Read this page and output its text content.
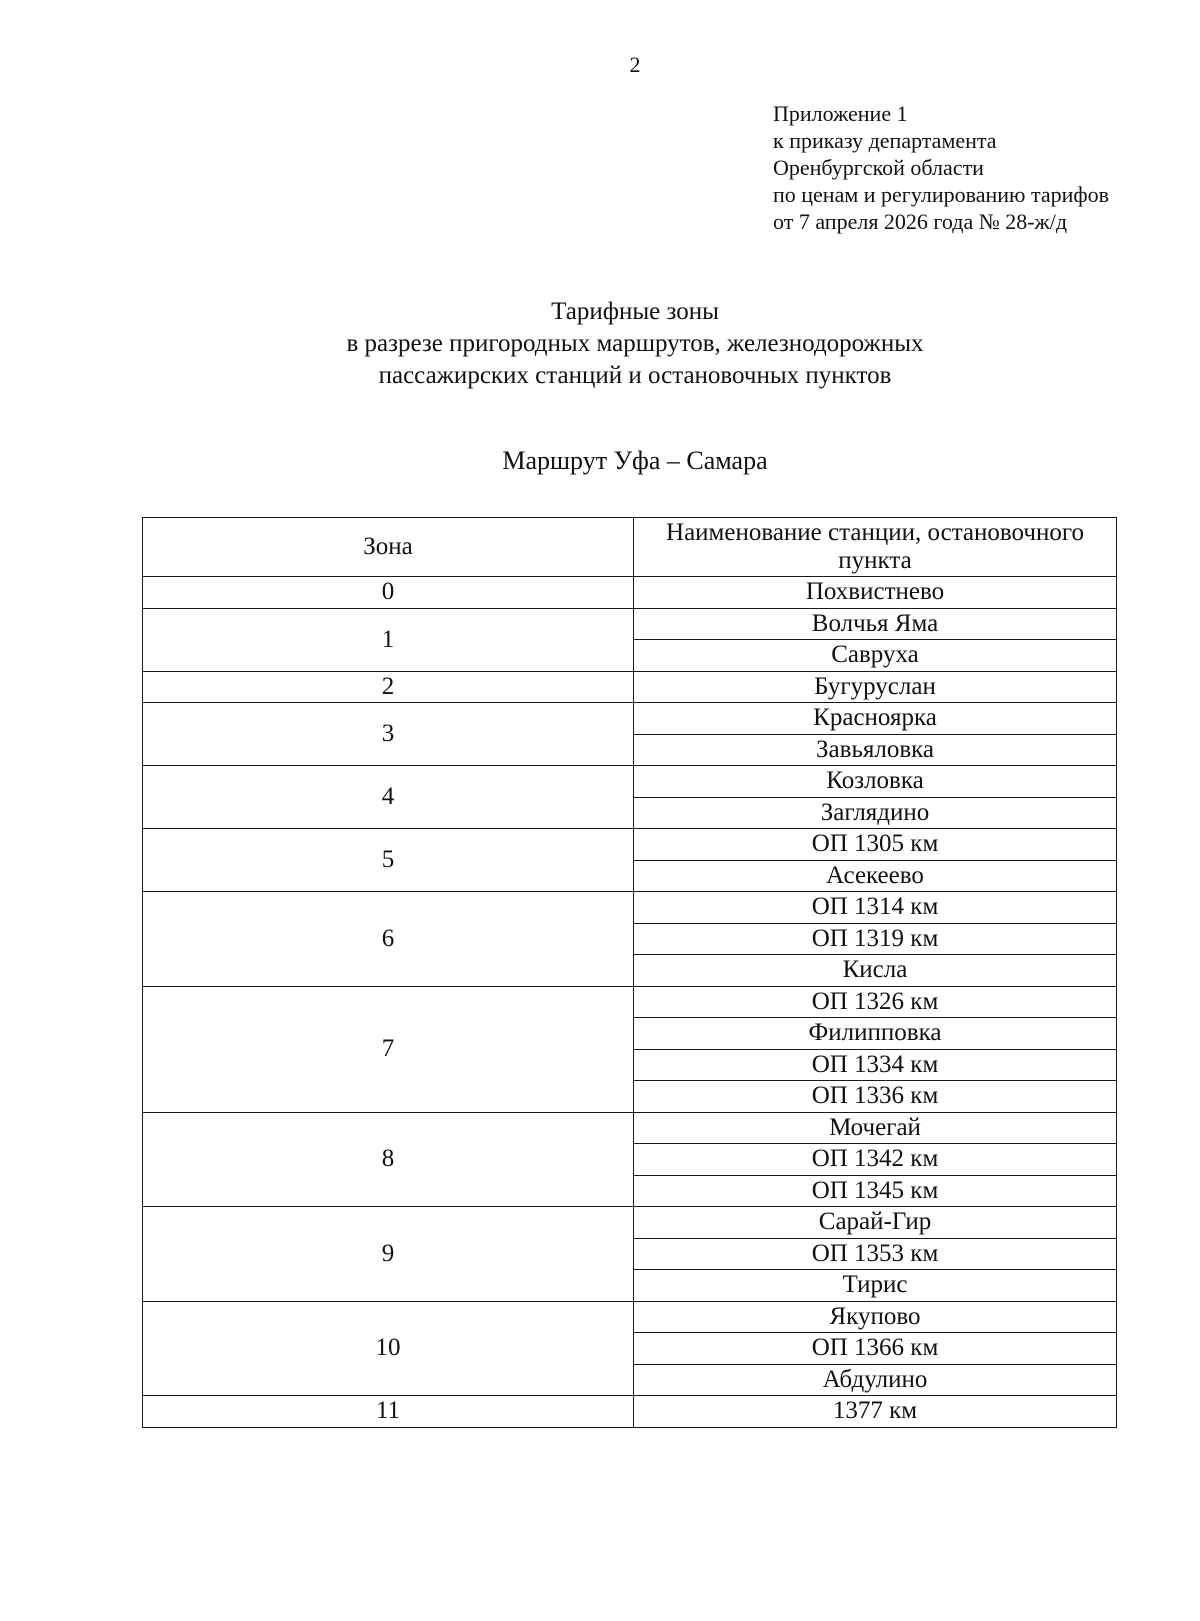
2
Приложение 1
к приказу департамента
Оренбургской области
по ценам и регулированию тарифов
от 7 апреля 2026 года № 28-ж/д
Тарифные зоны
в разрезе пригородных маршрутов, железнодорожных
пассажирских станций и остановочных пунктов
Маршрут Уфа – Самара
Зона	Наименование станции, остановочного пункта
0	Похвистнево
1	Волчья Яма
	Савруха
2	Бугуруслан
3	Красноярка
	Завьяловка
4	Козловка
	Заглядино
5	ОП 1305 км
	Асекеево
6	ОП 1314 км
	ОП 1319 км
	Кисла
7	ОП 1326 км
	Филипповка
	ОП 1334 км
	ОП 1336 км
8	Мочегай
	ОП 1342 км
	ОП 1345 км
9	Сарай-Гир
	ОП 1353 км
	Тирис
10	Якупово
	ОП 1366 км
	Абдулино
11	1377 км
